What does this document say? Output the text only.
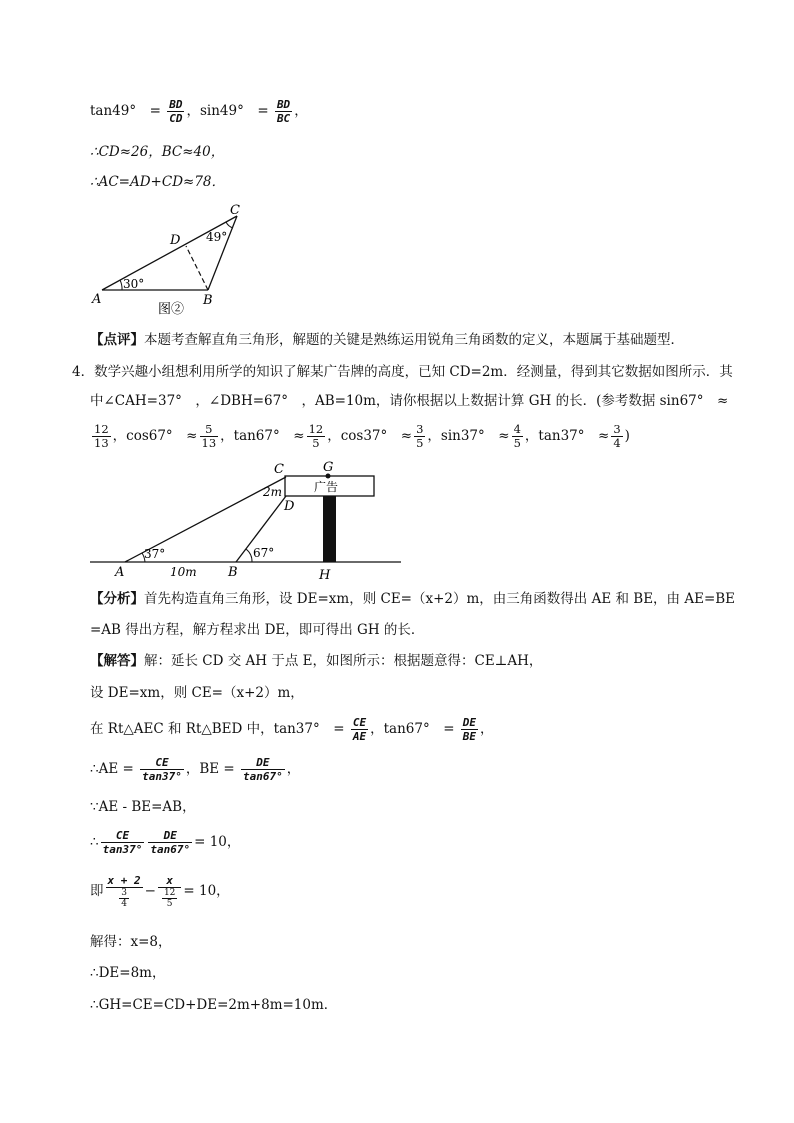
tan49°　= $\frac{BD}{CD}$ ，sin49°　= $\frac{BD}{BC}$ ，
∴CD≈26，BC≈40，
∴AC=AD+CD≈78．
C
D
A	B
49°
30°
图②
【点评】本题考查解直角三角形，解题的关键是熟练运用锐角三角函数的定义，本题属于基础题型．
4．数学兴趣小组想利用所学的知识了解某广告牌的高度，已知 CD=2m．经测量，得到其它数据如图所示．其
中∠CAH=37°　，∠DBH=67°　，AB=10m，请你根据以上数据计算 GH 的长．(参考数据 sin67°　≈
$\frac{12}{13}$ ，cos67°　≈ $\frac{5}{13}$ ，tan67°　≈ $\frac{12}{5}$ ，cos37°　≈ $\frac{3}{5}$ ，sin37°　≈ $\frac{4}{5}$ ，tan37°　≈ $\frac{3}{4}$ )
C	G
2m
D
广告
37°	67°
A	10m B	H
【分析】首先构造直角三角形，设 DE=xm，则 CE=（x+2）m，由三角函数得出 AE 和 BE，由 AE=BE
=AB 得出方程，解方程求出 DE，即可得出 GH 的长．
【解答】解：延长 CD 交 AH 于点 E，如图所示：根据题意得：CE⊥AH，
设 DE=xm，则 CE=（x+2）m，
在 Rt△AEC 和 Rt△BED 中，tan37°　= $\frac{CE}{AE}$ ，tan67°　= $\frac{DE}{BE}$ ，
∴AE = $\frac{CE}{\tan 37^\circ}$ ，BE = $\frac{DE}{\tan 67^\circ}$ ，
∵AE - BE=AB，
∴ $\frac{CE}{\tan 37^\circ} \frac{DE}{\tan 67^\circ} = 10$，
即 $\frac{x + 2}{\frac{3}{4}} - \frac{x}{\frac{12}{5}} = 10$，
解得：x=8，
∴DE=8m，
∴GH=CE=CD+DE=2m+8m=10m．
